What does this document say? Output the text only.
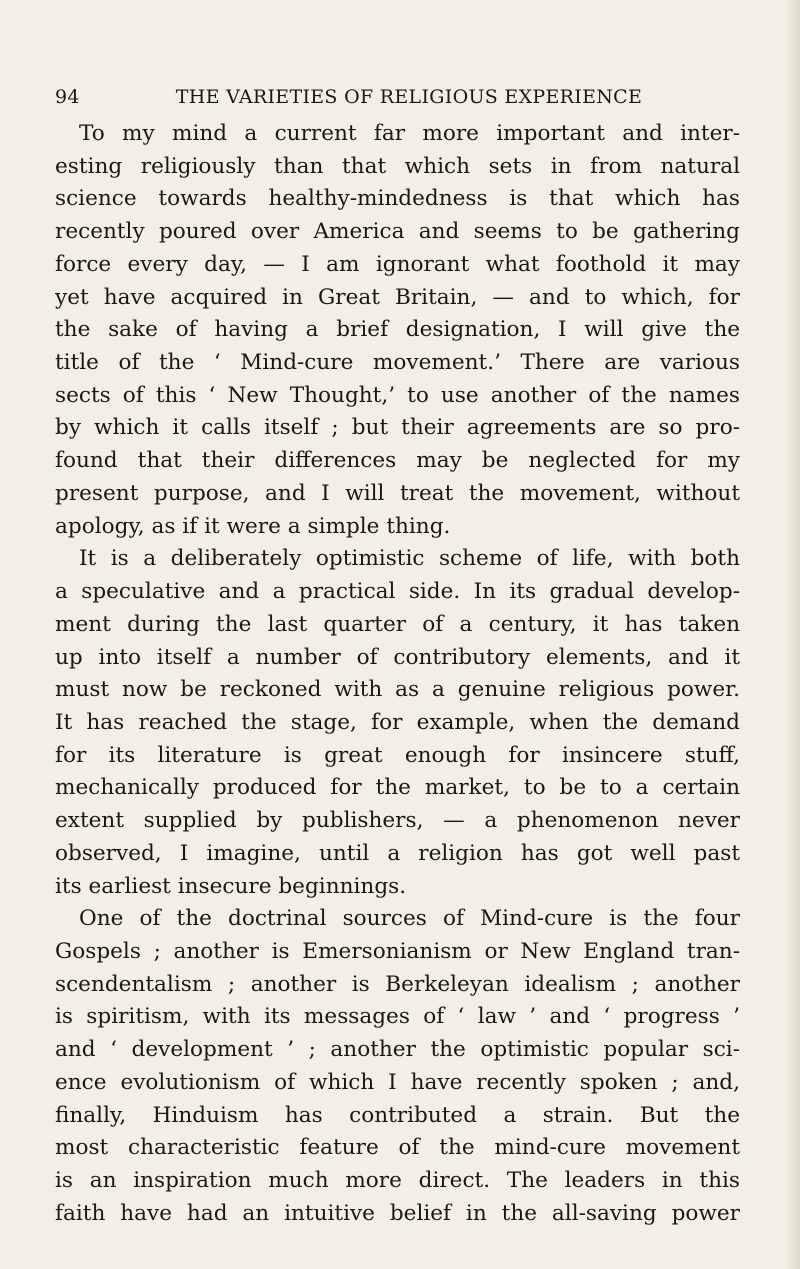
94	THE VARIETIES OF RELIGIOUS EXPERIENCE
To my mind a current far more important and inter-
esting religiously than that which sets in from natural
science towards healthy-mindedness is that which has
recently poured over America and seems to be gathering
force every day, — I am ignorant what foothold it may
yet have acquired in Great Britain, — and to which, for
the sake of having a brief designation, I will give the
title of the ‘ Mind-cure movement.’ There are various
sects of this ‘ New Thought,’ to use another of the names
by which it calls itself ; but their agreements are so pro-
found that their differences may be neglected for my
present purpose, and I will treat the movement, without
apology, as if it were a simple thing.
It is a deliberately optimistic scheme of life, with both
a speculative and a practical side. In its gradual develop-
ment during the last quarter of a century, it has taken
up into itself a number of contributory elements, and it
must now be reckoned with as a genuine religious power.
It has reached the stage, for example, when the demand
for its literature is great enough for insincere stuff,
mechanically produced for the market, to be to a certain
extent supplied by publishers, — a phenomenon never
observed, I imagine, until a religion has got well past
its earliest insecure beginnings.
One of the doctrinal sources of Mind-cure is the four
Gospels ; another is Emersonianism or New England tran-
scendentalism ; another is Berkeleyan idealism ; another
is spiritism, with its messages of ‘ law ’ and ‘ progress ’
and ‘ development ’ ; another the optimistic popular sci-
ence evolutionism of which I have recently spoken ; and,
finally, Hinduism has contributed a strain. But the
most characteristic feature of the mind-cure movement
is an inspiration much more direct. The leaders in this
faith have had an intuitive belief in the all-saving power
